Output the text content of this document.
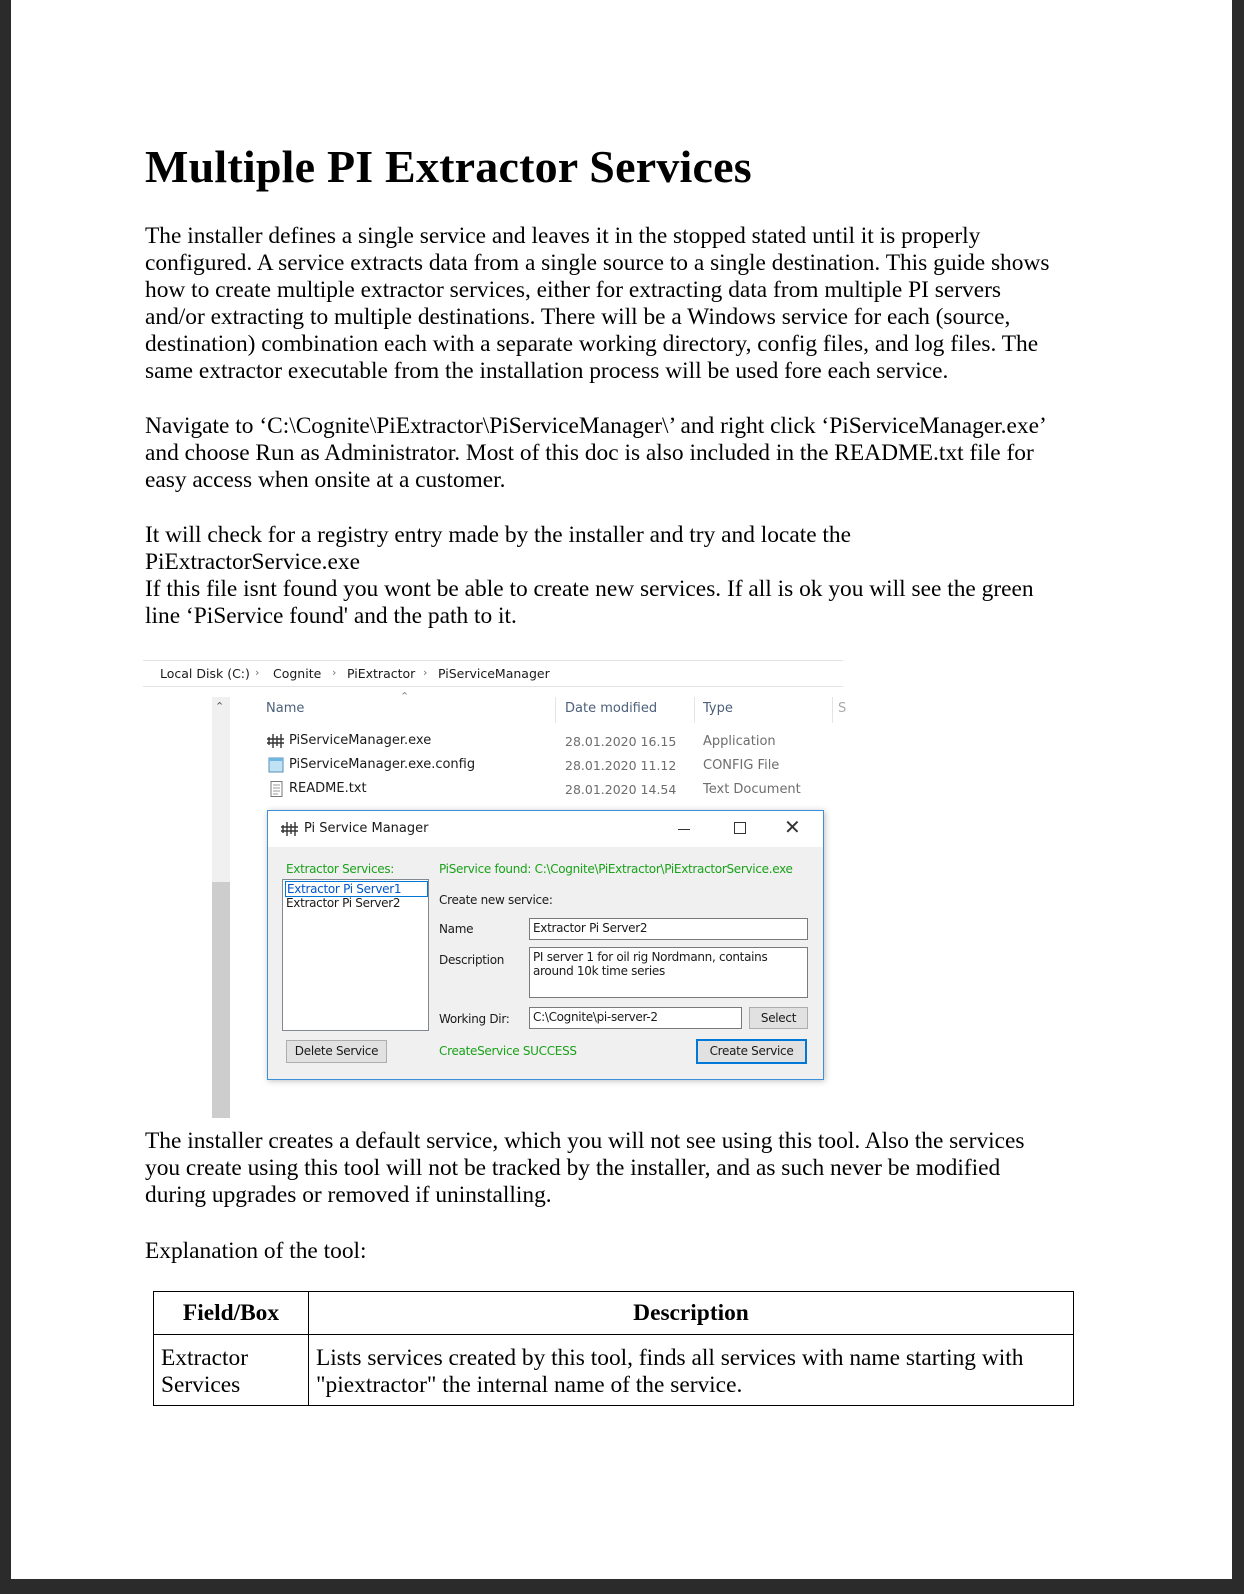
Multiple PI Extractor Services

The installer defines a single service and leaves it in the stopped stated until it is properly
configured. A service extracts data from a single source to a single destination. This guide shows
how to create multiple extractor services, either for extracting data from multiple PI servers
and/or extracting to multiple destinations. There will be a Windows service for each (source,
destination) combination each with a separate working directory, config files, and log files. The
same extractor executable from the installation process will be used fore each service.

Navigate to ‘C:\Cognite\PiExtractor\PiServiceManager\’ and right click ‘PiServiceManager.exe’
and choose Run as Administrator. Most of this doc is also included in the README.txt file for
easy access when onsite at a customer.

It will check for a registry entry made by the installer and try and locate the
PiExtractorService.exe
If this file isnt found you wont be able to create new services. If all is ok you will see the green
line ‘PiService found' and the path to it.

Local Disk (C:) › Cognite › PiExtractor › PiServiceManager
⌃
⌃
Name	Date modified	Type	S
PiServiceManager.exe	28.01.2020 16.15 Application
PiServiceManager.exe.config	28.01.2020 11.12 CONFIG File
README.txt	28.01.2020 14.54 Text Document
Pi Service Manager	✕
Extractor Services:
Extractor Pi Server1
Extractor Pi Server2
PiService found: C:\Cognite\PiExtractor\PiExtractorService.exe
Create new service:
Name	Extractor Pi Server2
Description	PI server 1 for oil rig Nordmann, contains around 10k time series
Working Dir:	C:\Cognite\pi-server-2	Select
Delete Service	CreateService SUCCESS	Create Service

The installer creates a default service, which you will not see using this tool. Also the services
you create using this tool will not be tracked by the installer, and as such never be modified
during upgrades or removed if uninstalling.

Explanation of the tool:

Field/Box	Description

Extractor
Services	Lists services created by this tool, finds all services with name starting with
"piextractor" the internal name of the service.
